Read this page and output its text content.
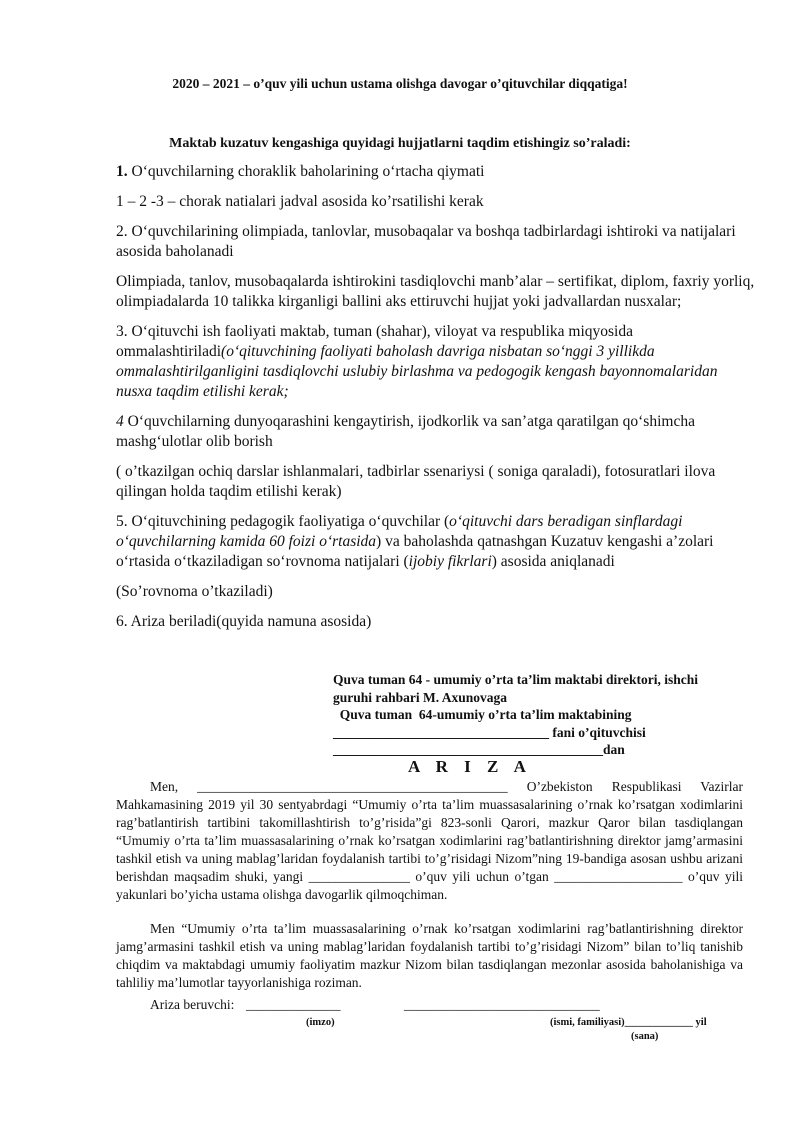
2020 – 2021 – o’quv yili uchun ustama olishga davogar o’qituvchilar diqqatiga!
Maktab kuzatuv kengashiga quyidagi hujjatlarni taqdim etishingiz so’raladi:

1. O‘quvchilarning choraklik baholarining o‘rtacha qiymati

1 – 2 -3 – chorak natialari jadval asosida ko’rsatilishi kerak

2. O‘quvchilarining olimpiada, tanlovlar, musobaqalar va boshqa tadbirlardagi ishtiroki va natijalari asosida baholanadi

Olimpiada, tanlov, musobaqalarda ishtirokini tasdiqlovchi manb’alar – sertifikat, diplom, faxriy yorliq, olimpiadalarda 10 talikka kirganligi ballini aks ettiruvchi hujjat yoki jadvallardan nusxalar;

3. O‘qituvchi ish faoliyati maktab, tuman (shahar), viloyat va respublika miqyosida ommalashtiriladi(o‘qituvchining faoliyati baholash davriga nisbatan so‘nggi 3 yillikda ommalashtirilganligini tasdiqlovchi uslubiy birlashma va pedogogik kengash bayonnomalaridan nusxa taqdim etilishi kerak;

4 O‘quvchilarning dunyoqarashini kengaytirish, ijodkorlik va san’atga qaratilgan qo‘shimcha mashg‘ulotlar olib borish

( o’tkazilgan ochiq darslar ishlanmalari, tadbirlar ssenariysi ( soniga qaraladi), fotosuratlari ilova qilingan holda taqdim etilishi kerak)

5. O‘qituvchining pedagogik faoliyatiga o‘quvchilar (o‘qituvchi dars beradigan sinflardagi o‘quvchilarning kamida 60 foizi o‘rtasida) va baholashda qatnashgan Kuzatuv kengashi a’zolari o‘rtasida o‘tkaziladigan so‘rovnoma natijalari (ijobiy fikrlari) asosida aniqlanadi

(So’rovnoma o’tkaziladi)

6. Ariza beriladi(quyida namuna asosida)

Quva tuman 64 - umumiy o’rta ta’lim maktabi direktori, ishchi
guruhi rahbari M. Axunovaga
Quva tuman  64-umumiy o’rta ta’lim maktabining
________________________________ fani o’qituvchisi
________________________________________dan
A R I Z A

Men, ______________________________________________ O’zbekiston Respublikasi Vazirlar Mahkamasining 2019 yil 30 sentyabrdagi “Umumiy o’rta ta’lim muassasalarining o’rnak ko’rsatgan xodimlarini rag’batlantirish tartibini takomillashtirish to’g’risida”gi 823-sonli Qarori, mazkur Qaror bilan tasdiqlangan “Umumiy o’rta ta’lim muassasalarining o’rnak ko’rsatgan xodimlarini rag’batlantirishning direktor jamg’armasini tashkil etish va uning mablag’laridan foydalanish tartibi to’g’risidagi Nizom”ning 19-bandiga asosan ushbu arizani berishdan maqsadim shuki, yangi _______________ o’quv yili uchun o’tgan ___________________ o’quv yili yakunlari bo’yicha ustama olishga davogarlik qilmoqchiman.

Men “Umumiy o’rta ta’lim muassasalarining o’rnak ko’rsatgan xodimlarini rag’batlantirishning direktor jamg’armasini tashkil etish va uning mablag’laridan foydalanish tartibi to’g’risidagi Nizom” bilan to’liq tanishib chiqdim va maktabdagi umumiy faoliyatim mazkur Nizom bilan tasdiqlangan mezonlar asosida baholanishiga va tahliliy ma’lumotlar tayyorlanishiga roziman.

Ariza beruvchi: ______________	_____________________________
(imzo)	(ismi, familiyasi)_____________ yil
(sana)
